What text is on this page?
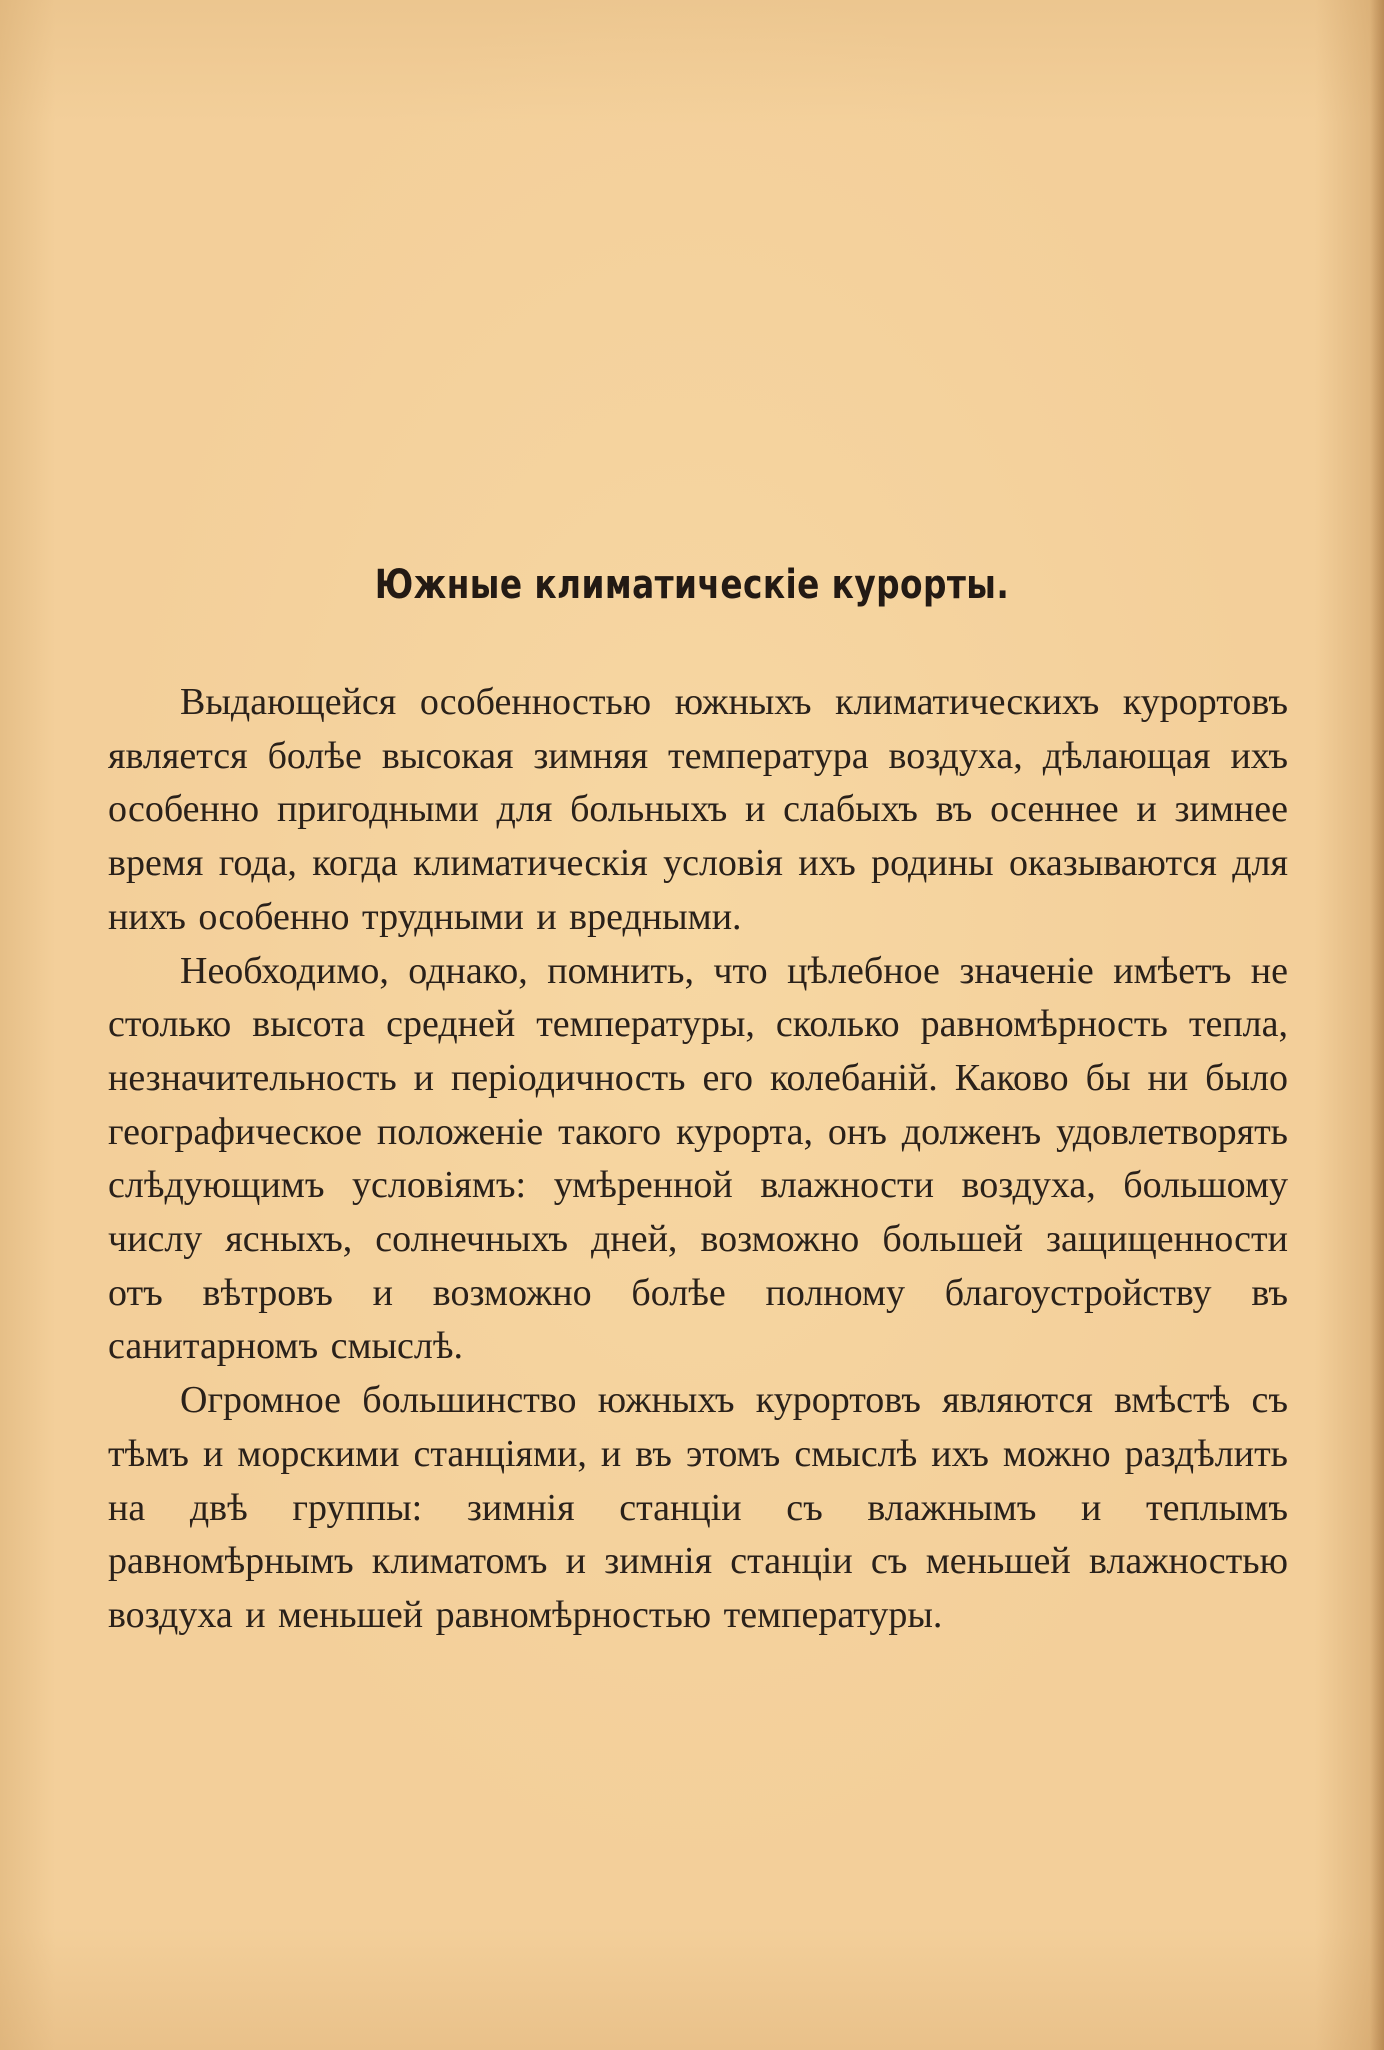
Южные климатическiе курорты.

Выдающейся особенностью южныхъ климатическихъ курортовъ является болѣе высокая зимняя температура воздуха, дѣлающая ихъ особенно пригодными для больныхъ и слабыхъ въ осеннее и зимнее время года, когда климатическiя условiя ихъ родины оказываются для нихъ особенно трудными и вредными.

Необходимо, однако, помнить, что цѣлебное значенiе имѣетъ не столько высота средней температуры, сколько равномѣрность тепла, незначительность и перiодичность его колебанiй. Каково бы ни было географическое положенiе такого курорта, онъ долженъ удовлетворять слѣдующимъ условiямъ: умѣренной влажности воздуха, большому числу ясныхъ, солнечныхъ дней, возможно большей защищенности отъ вѣтровъ и возможно болѣе полному благоустройству въ санитарномъ смыслѣ.

Огромное большинство южныхъ курортовъ являются вмѣстѣ съ тѣмъ и морскими станцiями, и въ этомъ смыслѣ ихъ можно раздѣлить на двѣ группы: зимнiя станцiи съ влажнымъ и теплымъ равномѣрнымъ климатомъ и зимнiя станцiи съ меньшей влажностью воздуха и меньшей равномѣрностью температуры.
